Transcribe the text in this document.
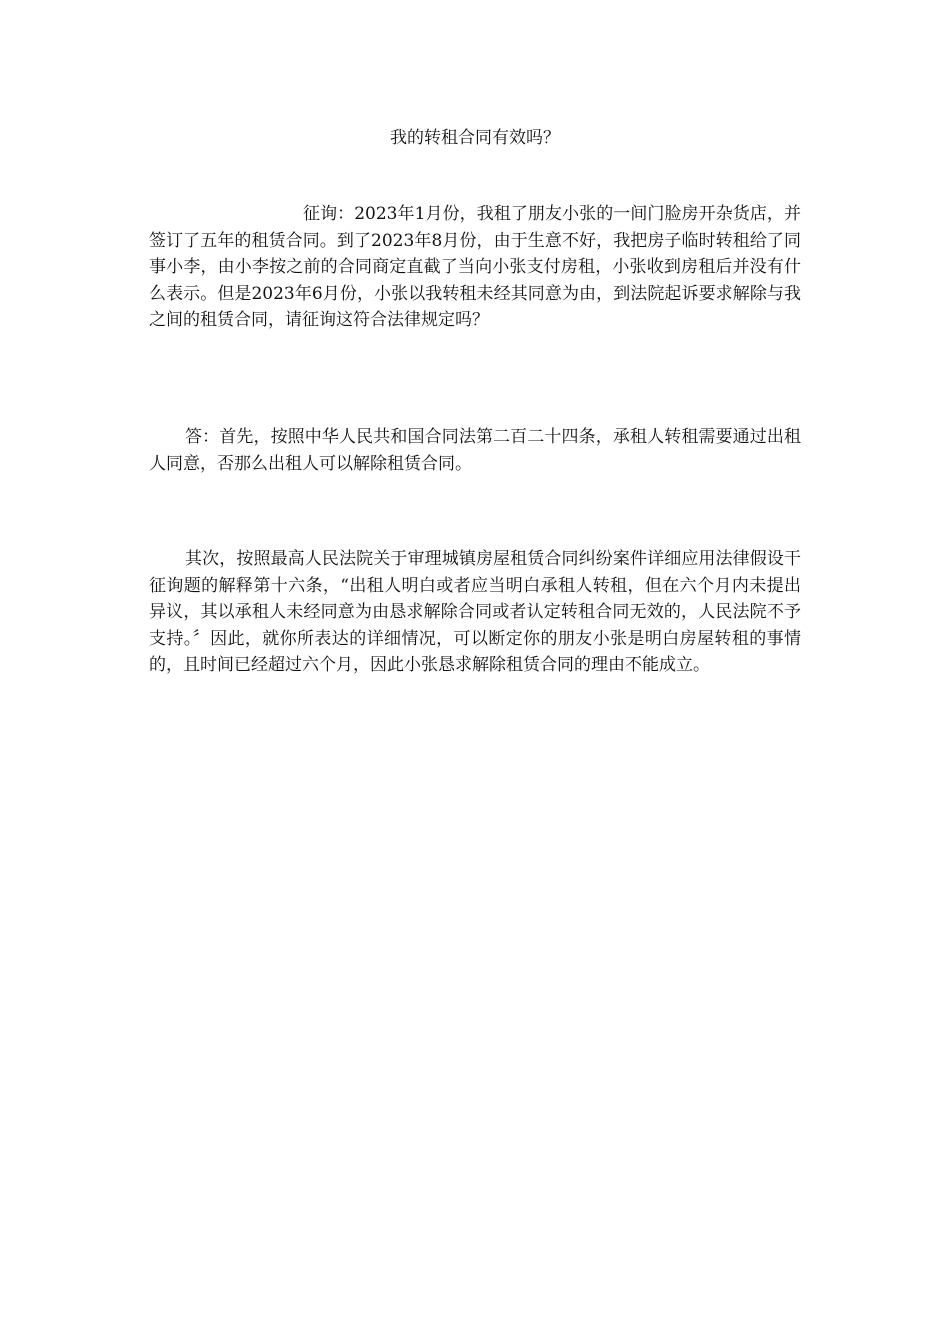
我的转租合同有效吗？

征询：2023年1月份，我租了朋友小张的一间门脸房开杂货店，并签订了五年的租赁合同。到了2023年8月份，由于生意不好，我把房子临时转租给了同事小李，由小李按之前的合同商定直截了当向小张支付房租，小张收到房租后并没有什么表示。但是2023年6月份，小张以我转租未经其同意为由，到法院起诉要求解除与我之间的租赁合同，请征询这符合法律规定吗？

答：首先，按照中华人民共和国合同法第二百二十四条，承租人转租需要通过出租人同意，否那么出租人可以解除租赁合同。

其次，按照最高人民法院关于审理城镇房屋租赁合同纠纷案件详细应用法律假设干征询题的解释第十六条，“出租人明白或者应当明白承租人转租，但在六个月内未提出异议，其以承租人未经同意为由恳求解除合同或者认定转租合同无效的，人民法院不予支持。〞因此，就你所表达的详细情况，可以断定你的朋友小张是明白房屋转租的事情的，且时间已经超过六个月，因此小张恳求解除租赁合同的理由不能成立。
